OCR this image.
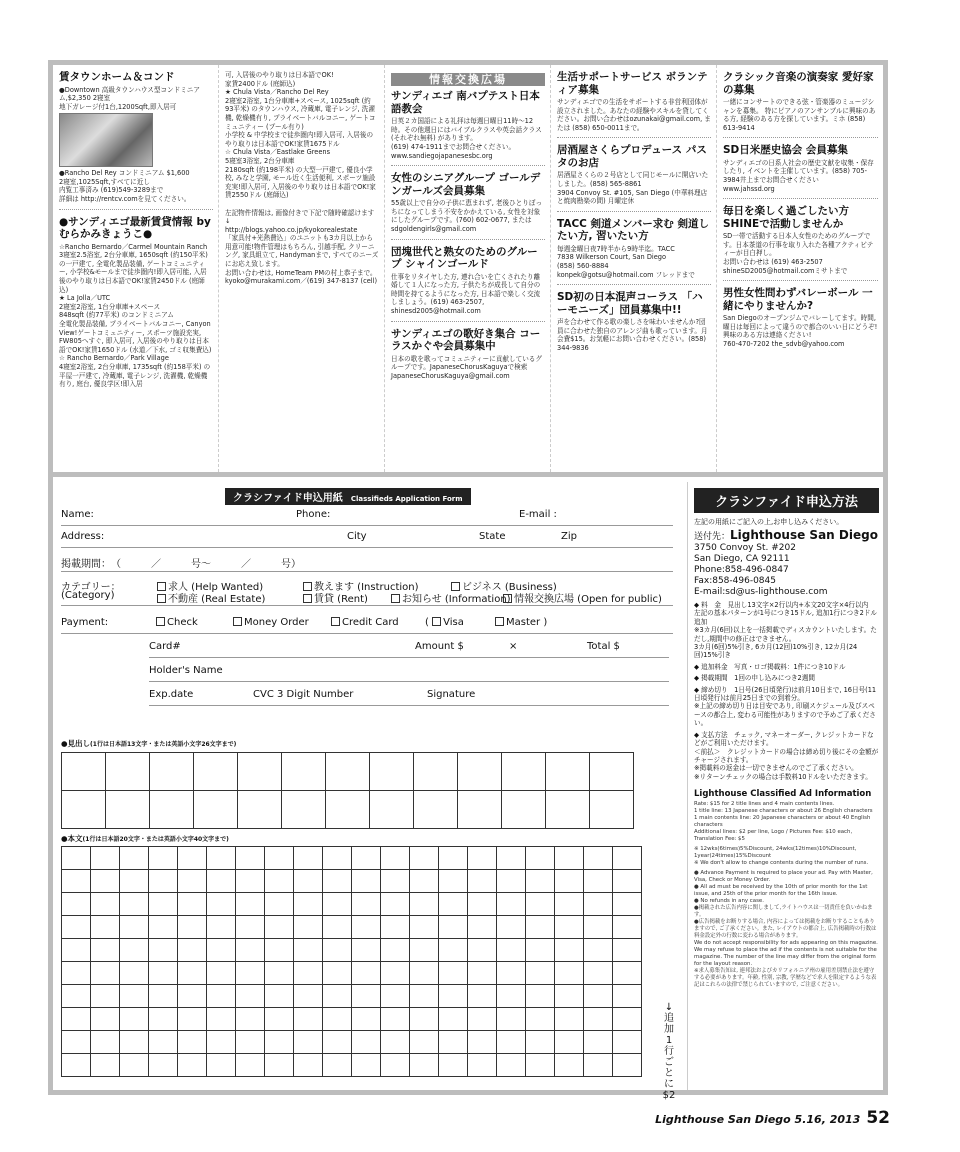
賃タウンホーム＆コンド

●Downtown 高級タウンハウス型コンドミニアム,$2,350 2寝室
地下ガレージ付1台,1200Sqft,即入居可

●Rancho Del Rey コンドミニアム $1,600
2寝室,1025Sqft,すべてに近し
内覧工事済み (619)549-3289まで
詳細は http://rentcv.comを見てください。

●サンディエゴ最新賃貸情報 by むらかみきょうこ●

☆Rancho Bernardo／Carmel Mountain Ranch
3寝室2.5浴室, 2台分車庫, 1650sqft (約150平米) の一戸建て, 全電化製品装備, ゲートコミュニティー, 小学校&モールまで徒歩圏内!即入居可能, 入居後のやり取りは日本語でOK!家賃2450ドル (庭師込)
★ La Jolla／UTC
2寝室2浴室, 1台分車庫+スペース
848sqft (約77平米) のコンドミニアム
全電化製品装備, プライベートバルコニー, Canyon View!ゲートコミュニティー, スポーツ施設充実, FW805へすぐ, 即入居可, 入居後のやり取りは日本語でOK!家賃1650ドル (水道／下水, ゴミ収集費込)
☆ Rancho Bernardo／Park Village
4寝室2浴室, 2台分車庫, 1735sqft (約158平米) の平屋一戸建て, 冷蔵庫, 電子レンジ, 洗濯機, 乾燥機有り, 庭台, 優良学区!即入居

可, 入居後のやり取りは日本語でOK!
家賃2400ドル (庭師込)
★ Chula Vista／Rancho Del Rey
2寝室2浴室, 1台分車庫+スペース, 1025sqft (約93平米) のタウンハウス, 冷蔵庫, 電子レンジ, 洗濯機, 乾燥機有り, プライベートバルコニー, ゲートコミュニティー (プール有り)
小学校 & 中学校まで徒歩圏内!即入居可, 入居後のやり取りは日本語でOK!家賃1675ドル
☆ Chula Vista／Eastlake Greens
5寝室3浴室, 2台分車庫
2180sqft (約198平米) の大型一戸建て, 優良小学校, みなと学園, モール近く生活便利, スポーツ施設充実!即入居可, 入居後のやり取りは日本語でOK!家賃2550ドル (庭師込)

左記物件情報は, 画像付きで下記で随時確認けます↓
http://blogs.yahoo.co.jp/kyokorealestate
「家具付+光熱費込」のユニットも3カ月以上から用意可能!物件管理はもちろん, 引越手配, クリーニング, 家具組立て, Handymanまで, すべてのニーズにお応え致します。
お問い合わせは, HomeTeam PMの村上恭子まで。kyoko@murakami.com／(619) 347-8137 (cell)

情報交換広場
サンディエゴ 南バプテスト日本語教会

日英２カ国語による礼拝は毎週日曜日11時～12時。その他週日にはバイブルクラスや英会話クラス (それぞれ無料) があります。
(619) 474-1911までお問合せください。
www.sandiegojapanesesbc.org

女性のシニアグループ ゴールデンガールズ会員募集

55歳以上で自分の子供に恵まれず, 老後ひとりぼっちになってしまう不安をかかえている, 女性を対象にしたグループです。(760) 602-0677, または sdgoldengirls@gmail.com

団塊世代と熟女のためのグループ シャインゴールド

仕事をリタイヤした方, 連れ合いを亡くされたり離婚して１人になった方, 子供たちが成長して自分の時間を持てるようになった方, 日本語で楽しく交流しましょう。(619) 463-2507, shinesd2005@hotmail.com

サンディエゴの歌好き集合 コーラスかぐや会員募集中

日本の歌を歌ってコミュニティーに貢献しているグループです。JapaneseChorusKaguyaで検索 JapaneseChorusKaguya@gmail.com

生活サポートサービス ボランティア募集

サンディエゴでの生活をサポートする非営利団体が設立されました。あなたの経験やスキルを貸してください。お問い合わせはozunakai@gmail.com, または (858) 650-0011まで。

居酒屋さくらプロデュース パスタのお店

居酒屋さくらの２号店として同じモールに開店いたしました。(858) 565-8861
3904 Convoy St. #105, San Diego (中華料理店と焼肉勘楽の間) 月曜定休

TACC 剣道メンバー求む 剣道したい方, 習いたい方

毎週金曜日夜7時半から9時半迄。TACC
7838 Wilkerson Court, San Diego
(858) 560-8884
konpek@gotsu@hotmail.com フレッドまで

SD初の日本混声コーラス 「ハーモニーズ」団員募集中!!

声を合わせて作る歌の楽しさを味わいませんか?団員に合わせた独自のアレンジ曲も歌っています。月会費$15。お気軽にお問い合わせください。(858) 344-9836

クラシック音楽の演奏家 愛好家の募集

一緒にコンサートのできる弦・管楽器のミュージシャンを募集。 特にピアノのアンサンブルに興味のある方, 経験のある方を探しています。ミホ (858) 613-9414

SD日米歴史協会 会員募集

サンディエゴの日系人社会の歴史文献を収集・保存したり, イベントを主催しています。(858) 705-3984井上までお問合せください
www.jahssd.org

毎日を楽しく過ごしたい方 SHINEで活動しませんか

SD一帯で活動する日本人女性のためのグループです。日本茶道の行事を取り入れた各種アクティビティーが目白押し。
お問い合わせは (619) 463-2507
shineSD2005@hotmail.comミサトまで

男性女性問わずバレーボール 一緒にやりませんか?

San Diegoのオープンジムでバレーしてます。時間, 曜日は毎回によって違うので都合のいい日にどうぞ!興味のある方は連絡ください!
760-470-7202 the_sdvb@yahoo.com

クラシファイド申込用紙 Classifieds Application Form
Name:	Phone:	E-mail :
Address:	City	State	Zip
掲載期間：　（　　　／　　　号～　　　／　　　号）
カテゴリー：
(Category)
求人 (Help Wanted)	教えます (Instruction)	ビジネス (Business)
不動産 (Real Estate)	賃貸 (Rent)	お知らせ (Information) 情報交換広場 (Open for public)
Payment:	Check	Money Order	Credit Card	( Visa	Master )
Card#	Amount $	×	Total $
Holder's Name
Exp.date	CVC 3 Digit Number	Signature
●見出し(1行は日本語13文字・または英語小文字26文字まで)

●本文(1行は日本語20文字・または英語小文字40文字まで)

↓追加1行ごとに$2
クラシファイド申込方法
左記の用紙にご記入の上,お申し込みください。
送付先：Lighthouse San Diego
3750 Convoy St. #202
San Diego, CA 92111
Phone:858-496-0847
Fax:858-496-0845
E-mail:sd@us-lighthouse.com
◆ 料　金　見出し13文字×2行以内+本文20文字×4行以内
左記の基本パターンが1号につき15ドル, 追加1行につき2ドル追加
※3カ月(6回)以上を一括掲載でディスカウントいたします。ただし,期間中の修正はできません。
3カ月(6回)5%引き, 6カ月(12回)10%引き, 12カ月(24回)15%引き
◆ 追加料金　写真・ロゴ掲載料：1件につき10ドル
◆ 掲載期間　1回の申し込みにつき2週間
◆ 締め切り　1日号(26日頃発行)は前月10日まで, 16日号(11日頃発行)は前月25日までの到着分。
※上記の締め切り日は目安であり, 印刷スケジュール及びスペースの都合上, 変わる可能性がありますので予めご了承ください。
◆ 支払方法　チェック, マネーオーダー, クレジットカードなどがご利用いただけます。
＜前払＞　クレジットカードの場合は締め切り後にその金額がチャージされます。
※掲載料の返金は一切できませんのでご了承ください。
※リターンチェックの場合は手数料10ドルをいただきます。
Lighthouse Classified Ad Information
Rate: $15 for 2 title lines and 4 main contents lines.
1 title line: 13 Japanese characters or about 26 English characters
1 main contents line: 20 Japanese characters or about 40 English characters
Additional lines: $2 per line, Logo / Pictures Fee: $10 each, Translation Fee: $5
※ 12wks(6times)5%Discount, 24wks(12times)10%Discount,
1year(24times)15%Discount
※ We don't allow to change contents during the number of runs.
● Advance Payment is required to place your ad. Pay with Master, Visa, Check or Money Order.
● All ad must be received by the 10th of prior month for the 1st issue, and 25th of the prior month for the 16th issue.
● No refunds in any case.
●掲載された広告内容に関しまして,ライトハウスは一切責任を負いかねます。
●広告掲載をお断りする場合, 内容によっては掲載をお断りすることもありますので, ご了承ください。また, レイアウトの都合上, 広告掲載時の行数は料金設定外の行数に変わる場合があります。
We do not accept responsibility for ads appearing on this magazine.
We may refuse to place the ad if the contents is not suitable for the magazine. The number of the line may differ from the original form for the layout reason.
※求人募集告知は, 連邦法およびカリフォルニア州の雇用差別禁止法を遵守する必要があります。年齢, 性別, 宗教, 学歴などで求人を限定するような表記はこれらの法律で禁じられていますので, ご注意ください。
Lighthouse San Diego 5.16, 2013 52
